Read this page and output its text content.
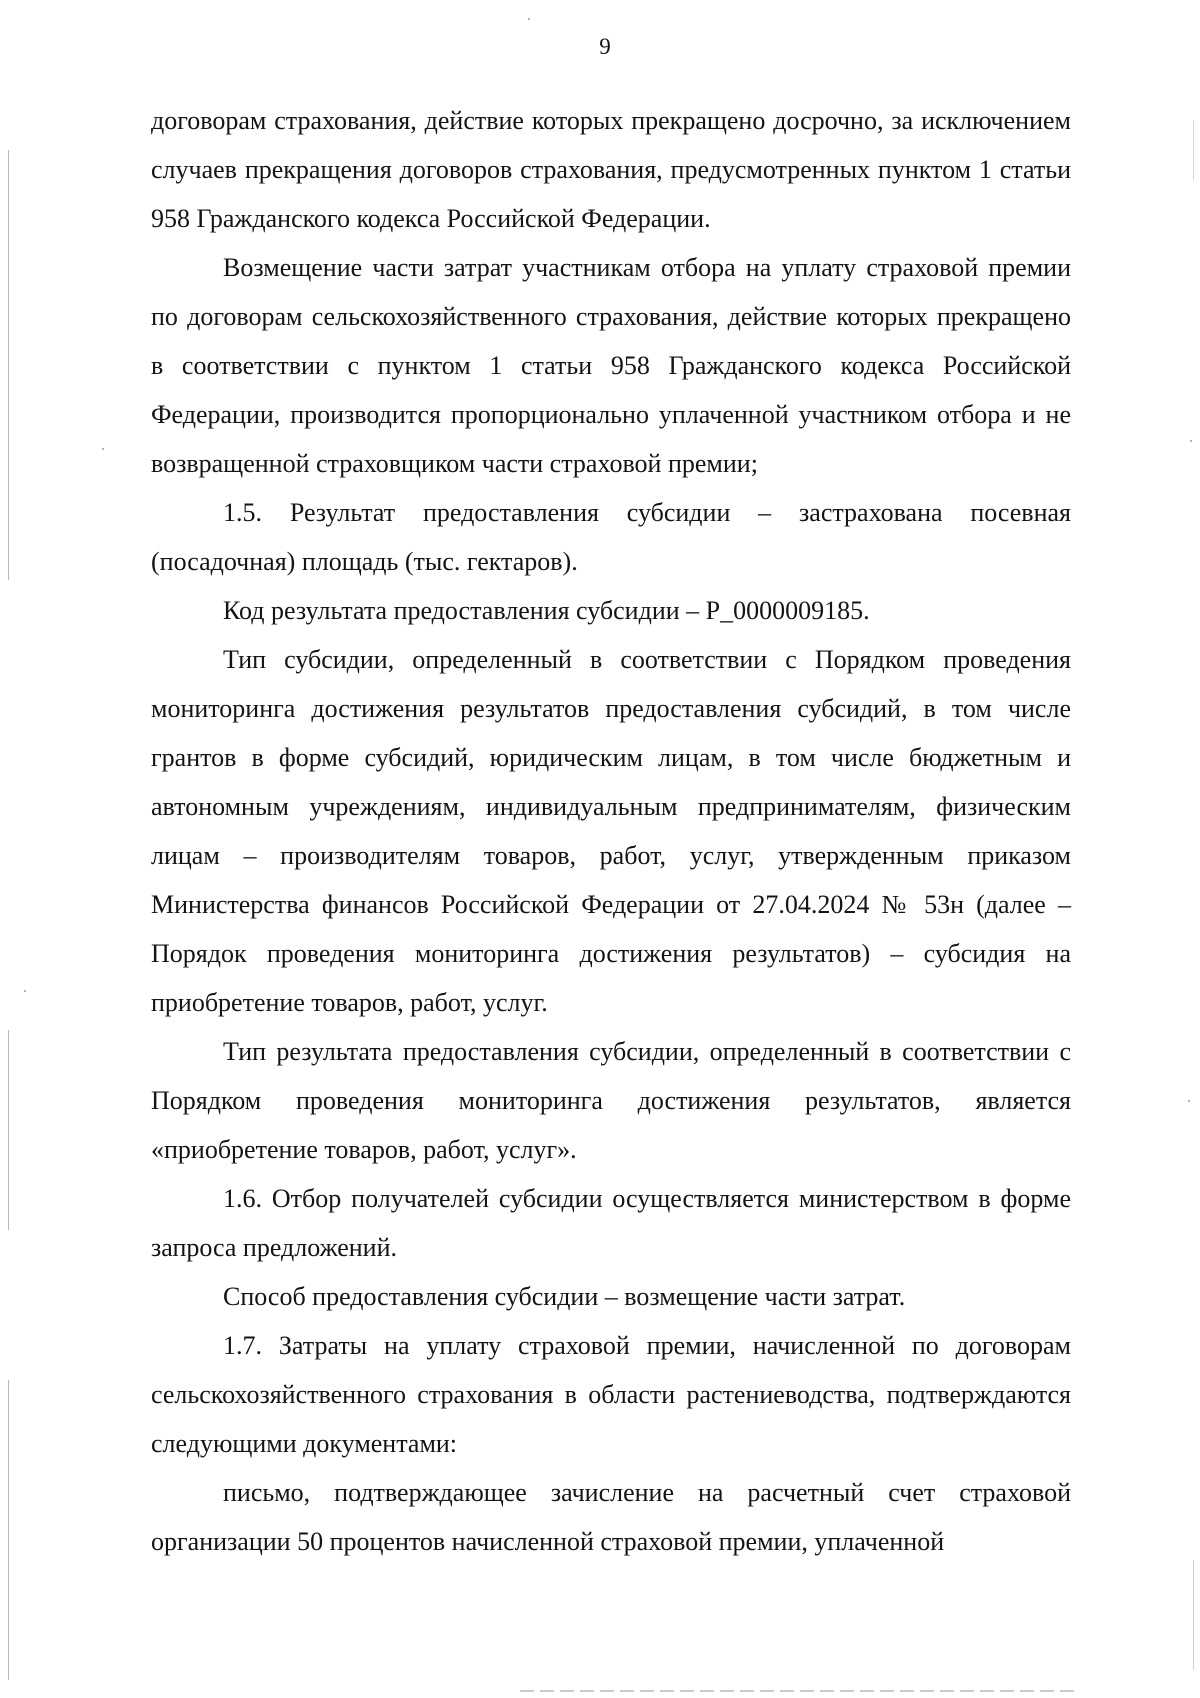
9

договорам страхования, действие которых прекращено досрочно, за исключением случаев прекращения договоров страхования, предусмотренных пунктом 1 статьи 958 Гражданского кодекса Российской Федерации.

Возмещение части затрат участникам отбора на уплату страховой премии по договорам сельскохозяйственного страхования, действие которых прекращено в соответствии с пунктом 1 статьи 958 Гражданского кодекса Российской Федерации, производится пропорционально уплаченной участником отбора и не возвращенной страховщиком части страховой премии;

1.5. Результат предоставления субсидии – застрахована посевная (посадочная) площадь (тыс. гектаров).

Код результата предоставления субсидии – P_0000009185.

Тип субсидии, определенный в соответствии с Порядком проведения мониторинга достижения результатов предоставления субсидий, в том числе грантов в форме субсидий, юридическим лицам, в том числе бюджетным и автономным учреждениям, индивидуальным предпринимателям, физическим лицам – производителям товаров, работ, услуг, утвержденным приказом Министерства финансов Российской Федерации от 27.04.2024 № 53н (далее – Порядок проведения мониторинга достижения результатов) – субсидия на приобретение товаров, работ, услуг.

Тип результата предоставления субсидии, определенный в соответствии с Порядком проведения мониторинга достижения результатов, является «приобретение товаров, работ, услуг».

1.6. Отбор получателей субсидии осуществляется министерством в форме запроса предложений.

Способ предоставления субсидии – возмещение части затрат.

1.7. Затраты на уплату страховой премии, начисленной по договорам сельскохозяйственного страхования в области растениеводства, подтверждаются следующими документами:

письмо, подтверждающее зачисление на расчетный счет страховой организации 50 процентов начисленной страховой премии, уплаченной
